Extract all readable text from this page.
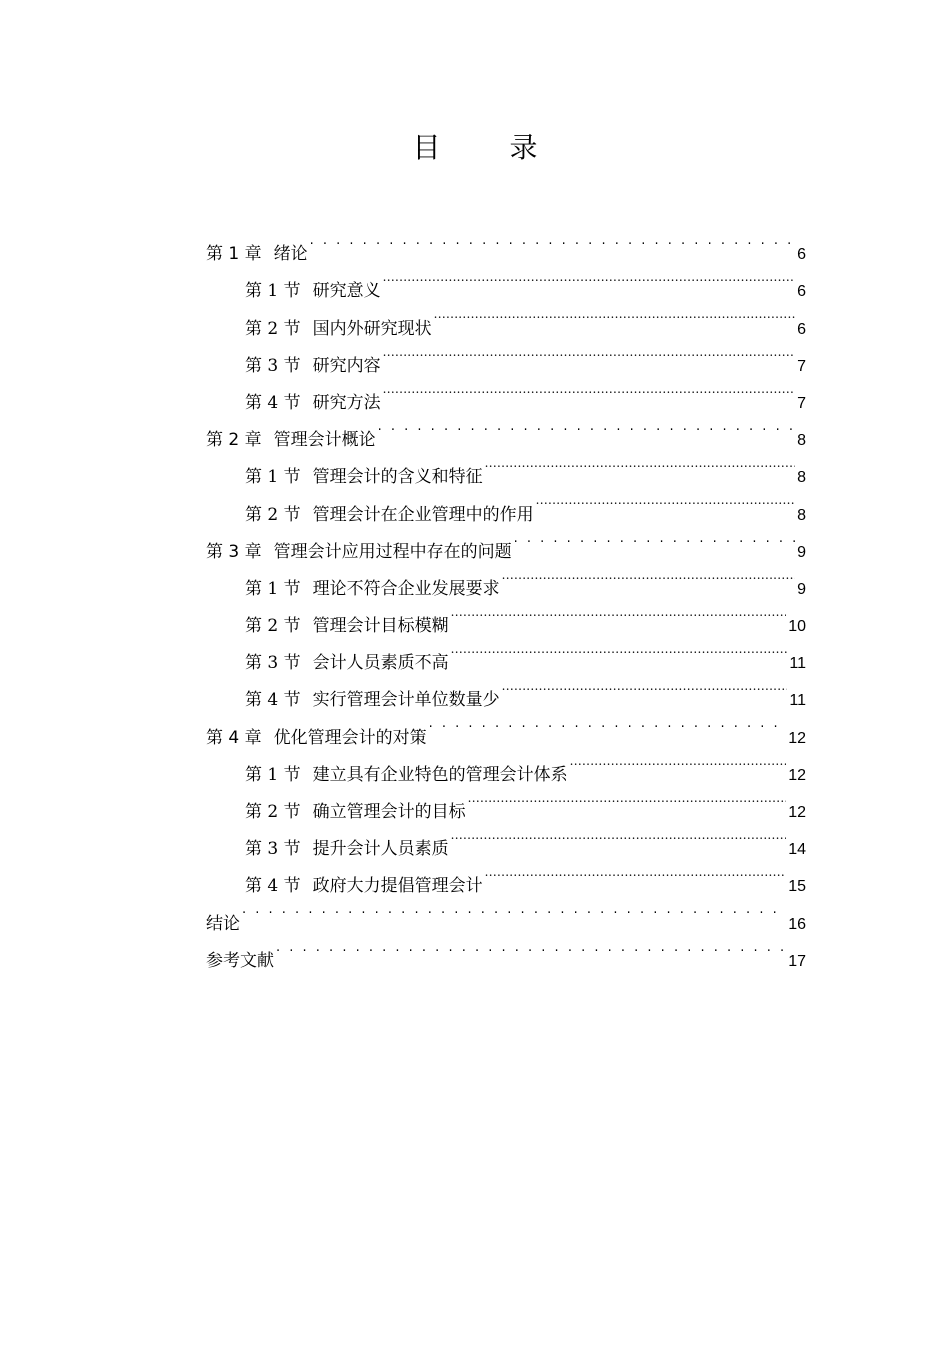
目 录
第 1 章 绪论 . . .	6
第 1 节 研究意义 .....	6
第 2 节 国内外研究现状 .....	6
第 3 节 研究内容 .....	7
第 4 节 研究方法 .....	7
第 2 章 管理会计概论 . . .	8
第 1 节 管理会计的含义和特征 .....	8
第 2 节 管理会计在企业管理中的作用 .....	8
第 3 章 管理会计应用过程中存在的问题 . . .	9
第 1 节 理论不符合企业发展要求 .....	9
第 2 节 管理会计目标模糊 .....	10
第 3 节 会计人员素质不高 .....	11
第 4 节 实行管理会计单位数量少 .....	11
第 4 章 优化管理会计的对策 . . .	12
第 1 节 建立具有企业特色的管理会计体系 .....	12
第 2 节 确立管理会计的目标 .....	12
第 3 节 提升会计人员素质 .....	14
第 4 节 政府大力提倡管理会计 .....	15
结论 . . .	16
参考文献 . . .	17
